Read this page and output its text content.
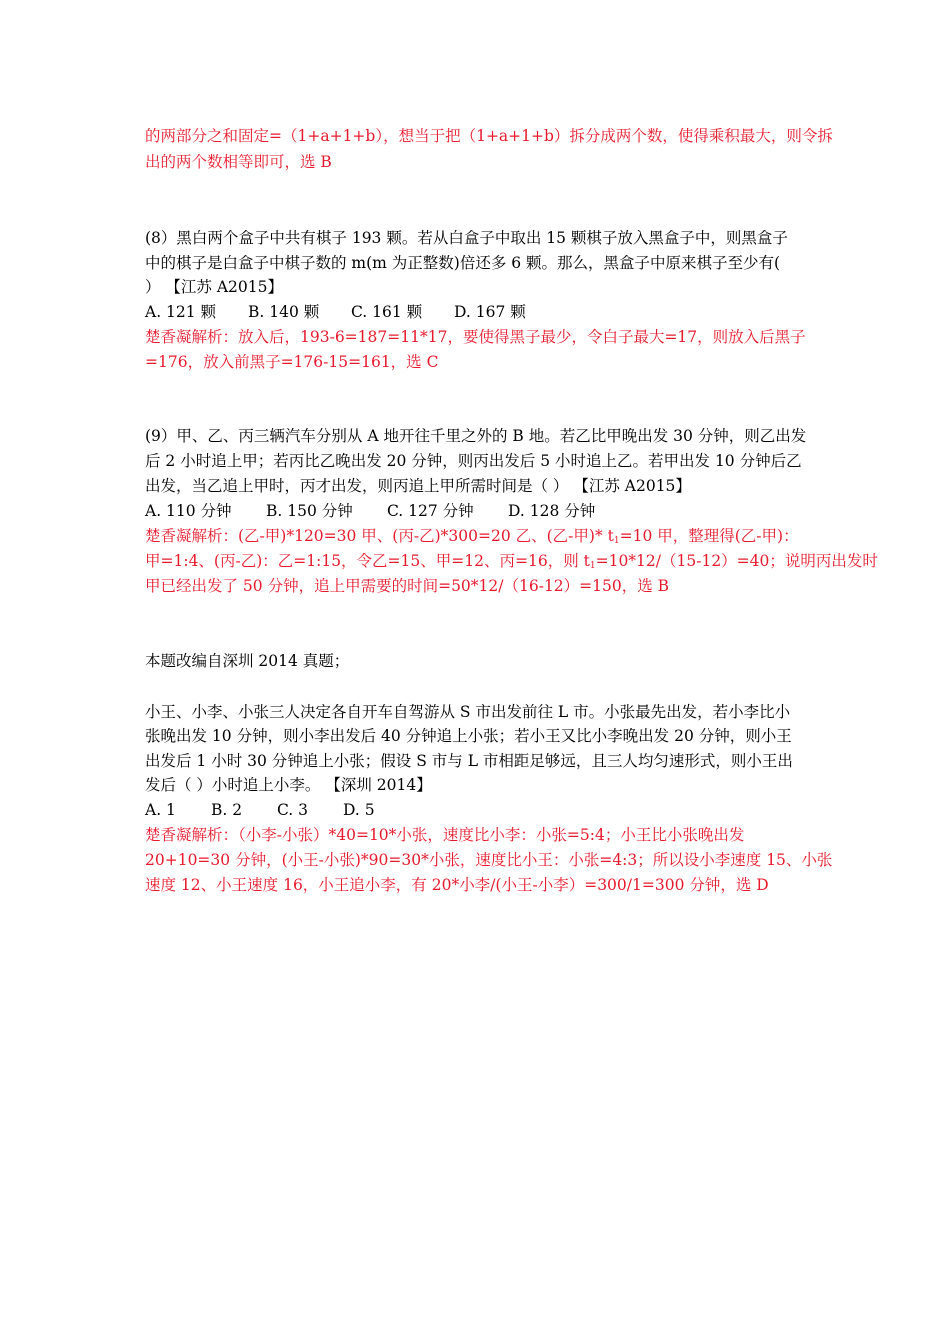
的两部分之和固定=（1+a+1+b），想当于把（1+a+1+b）拆分成两个数，使得乘积最大，则令拆
出的两个数相等即可，选 B
(8）黑白两个盒子中共有棋子 193 颗。若从白盒子中取出 15 颗棋子放入黑盒子中，则黑盒子
中的棋子是白盒子中棋子数的 m(m 为正整数)倍还多 6 颗。那么，黑盒子中原来棋子至少有(
） 【江苏 A2015】
A. 121 颗 B. 140 颗 C. 161 颗 D. 167 颗
楚香凝解析：放入后，193-6=187=11*17，要使得黑子最少，令白子最大=17，则放入后黑子
=176，放入前黑子=176-15=161，选 C
(9）甲、乙、丙三辆汽车分别从 A 地开往千里之外的 B 地。若乙比甲晚出发 30 分钟，则乙出发
后 2 小时追上甲；若丙比乙晚出发 20 分钟，则丙出发后 5 小时追上乙。若甲出发 10 分钟后乙
出发，当乙追上甲时，丙才出发，则丙追上甲所需时间是（ ） 【江苏 A2015】
A. 110 分钟 B. 150 分钟 C. 127 分钟 D. 128 分钟
楚香凝解析：(乙-甲)*120=30 甲、(丙-乙)*300=20 乙、(乙-甲)* $t_1=10$ 甲，整理得(乙-甲)：
甲=1:4、(丙-乙)：乙=1:15，令乙=15、甲=12、丙=16，则 $t_1=10*12/(15-12)=40$；说明丙出发时
甲已经出发了 50 分钟，追上甲需要的时间=50*12/（16-12）=150，选 B
本题改编自深圳 2014 真题；
小王、小李、小张三人决定各自开车自驾游从 S 市出发前往 L 市。小张最先出发，若小李比小
张晚出发 10 分钟，则小李出发后 40 分钟追上小张；若小王又比小李晚出发 20 分钟，则小王
出发后 1 小时 30 分钟追上小张；假设 S 市与 L 市相距足够远，且三人均匀速形式，则小王出
发后（ ）小时追上小李。 【深圳 2014】
A. 1 B. 2 C. 3 D. 5
楚香凝解析：（小李-小张）*40=10*小张，速度比小李：小张=5:4；小王比小张晚出发
20+10=30 分钟，(小王-小张)*90=30*小张，速度比小王：小张=4:3；所以设小李速度 15、小张
速度 12、小王速度 16，小王追小李，有 20*小李/(小王-小李）=300/1=300 分钟，选 D
